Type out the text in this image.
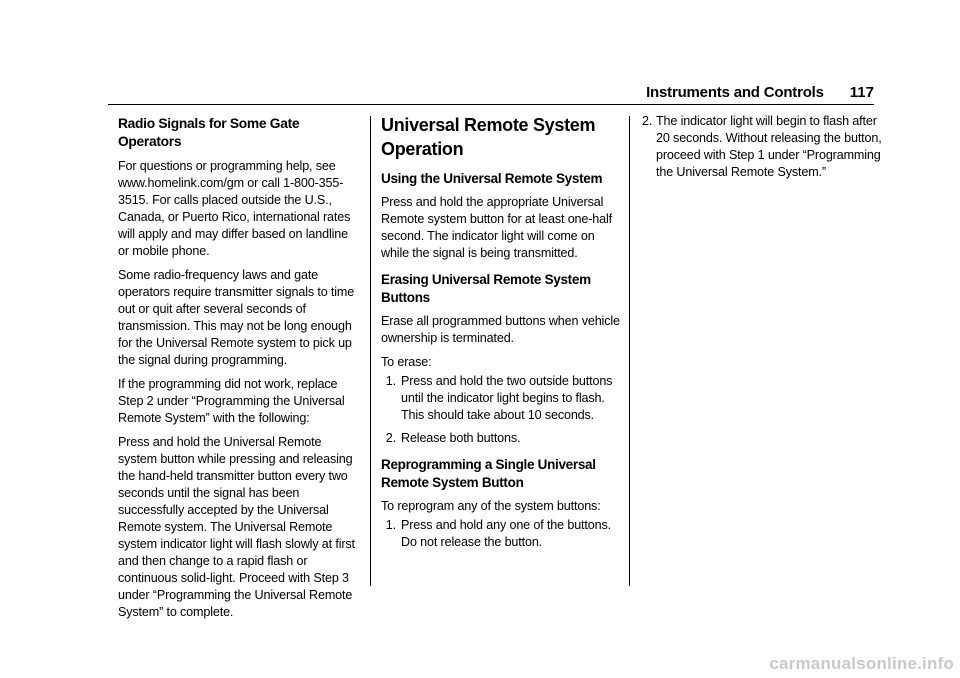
Instruments and Controls 117
Radio Signals for Some Gate Operators

For questions or programming help, see www.homelink.com/gm or call 1-800-355-3515. For calls placed outside the U.S., Canada, or Puerto Rico, international rates will apply and may differ based on landline or mobile phone.

Some radio-frequency laws and gate operators require transmitter signals to time out or quit after several seconds of transmission. This may not be long enough for the Universal Remote system to pick up the signal during programming.

If the programming did not work, replace Step 2 under “Programming the Universal Remote System” with the following:

Press and hold the Universal Remote system button while pressing and releasing the hand-held transmitter button every two seconds until the signal has been successfully accepted by the Universal Remote system. The Universal Remote system indicator light will flash slowly at first and then change to a rapid flash or continuous solid-light. Proceed with Step 3 under “Programming the Universal Remote System” to complete.

Universal Remote System Operation
Using the Universal Remote System

Press and hold the appropriate Universal Remote system button for at least one-half second. The indicator light will come on while the signal is being transmitted.

Erasing Universal Remote System Buttons

Erase all programmed buttons when vehicle ownership is terminated.

To erase:

1. Press and hold the two outside buttons until the indicator light begins to flash. This should take about 10 seconds.
2. Release both buttons.
Reprogramming a Single Universal Remote System Button

To reprogram any of the system buttons:

1. Press and hold any one of the buttons. Do not release the button.
2. The indicator light will begin to flash after 20 seconds. Without releasing the button, proceed with Step 1 under “Programming the Universal Remote System.”
carmanualsonline.info
